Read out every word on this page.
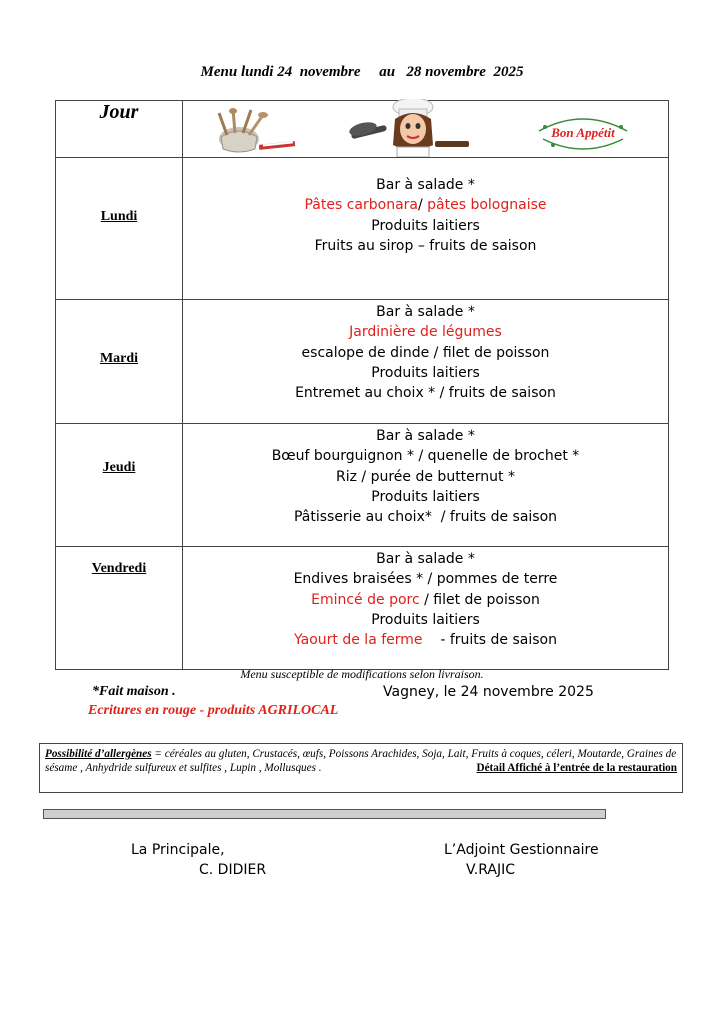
Menu lundi 24  novembre au 28 novembre  2025
Jour	Bon Appétit

Lundi	Bar à salade *
Pâtes carbonara/ pâtes bolognaise
Produits laitiers
Fruits au sirop – fruits de saison

Mardi	Bar à salade *
Jardinière de légumes
escalope de dinde / filet de poisson
Produits laitiers
Entremet au choix * / fruits de saison

Jeudi	Bar à salade *
Bœuf bourguignon * / quenelle de brochet *
Riz / purée de butternut *
Produits laitiers
Pâtisserie au choix*  / fruits de saison

Vendredi	Bar à salade *
Endives braisées * / pommes de terre
Emincé de porc / filet de poisson
Produits laitiers
Yaourt de la ferme    - fruits de saison
Menu susceptible de modifications selon livraison.
*Fait maison .	Vagney, le 24 novembre 2025
Ecritures en rouge - produits AGRILOCAL
Possibilité d’allergènes = céréales au gluten, Crustacés, œufs, Poissons Arachides, Soja, Lait, Fruits à coques, céleri, Moutarde, Graines de sésame , Anhydride sulfureux et sulfites , Lupin , Mollusques .	Détail Affiché à l’entrée de la restauration
La Principale,
C. DIDIER
L’Adjoint Gestionnaire
V.RAJIC
